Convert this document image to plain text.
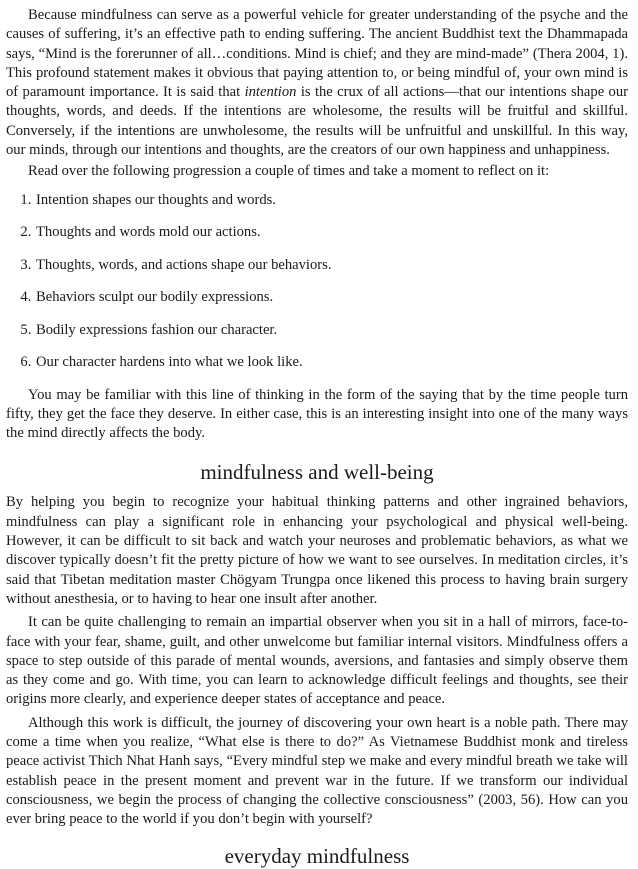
Because mindfulness can serve as a powerful vehicle for greater understanding of the psyche and the causes of suffering, it’s an effective path to ending suffering. The ancient Buddhist text the Dhammapada says, “Mind is the forerunner of all…conditions. Mind is chief; and they are mind-made” (Thera 2004, 1). This profound statement makes it obvious that paying attention to, or being mindful of, your own mind is of paramount importance. It is said that intention is the crux of all actions—that our intentions shape our thoughts, words, and deeds. If the intentions are wholesome, the results will be fruitful and skillful. Conversely, if the intentions are unwholesome, the results will be unfruitful and unskillful. In this way, our minds, through our intentions and thoughts, are the creators of our own happiness and unhappiness.

Read over the following progression a couple of times and take a moment to reflect on it:

1. Intention shapes our thoughts and words.
2. Thoughts and words mold our actions.
3. Thoughts, words, and actions shape our behaviors.
4. Behaviors sculpt our bodily expressions.
5. Bodily expressions fashion our character.
6. Our character hardens into what we look like.

You may be familiar with this line of thinking in the form of the saying that by the time people turn fifty, they get the face they deserve. In either case, this is an interesting insight into one of the many ways the mind directly affects the body.

mindfulness and well-being

By helping you begin to recognize your habitual thinking patterns and other ingrained behaviors, mindfulness can play a significant role in enhancing your psychological and physical well-being. However, it can be difficult to sit back and watch your neuroses and problematic behaviors, as what we discover typically doesn’t fit the pretty picture of how we want to see ourselves. In meditation circles, it’s said that Tibetan meditation master Chögyam Trungpa once likened this process to having brain surgery without anesthesia, or to having to hear one insult after another.

It can be quite challenging to remain an impartial observer when you sit in a hall of mirrors, face-to-face with your fear, shame, guilt, and other unwelcome but familiar internal visitors. Mindfulness offers a space to step outside of this parade of mental wounds, aversions, and fantasies and simply observe them as they come and go. With time, you can learn to acknowledge difficult feelings and thoughts, see their origins more clearly, and experience deeper states of acceptance and peace.

Although this work is difficult, the journey of discovering your own heart is a noble path. There may come a time when you realize, “What else is there to do?” As Vietnamese Buddhist monk and tireless peace activist Thich Nhat Hanh says, “Every mindful step we make and every mindful breath we take will establish peace in the present moment and prevent war in the future. If we transform our individual consciousness, we begin the process of changing the collective consciousness” (2003, 56). How can you ever bring peace to the world if you don’t begin with yourself?

everyday mindfulness
